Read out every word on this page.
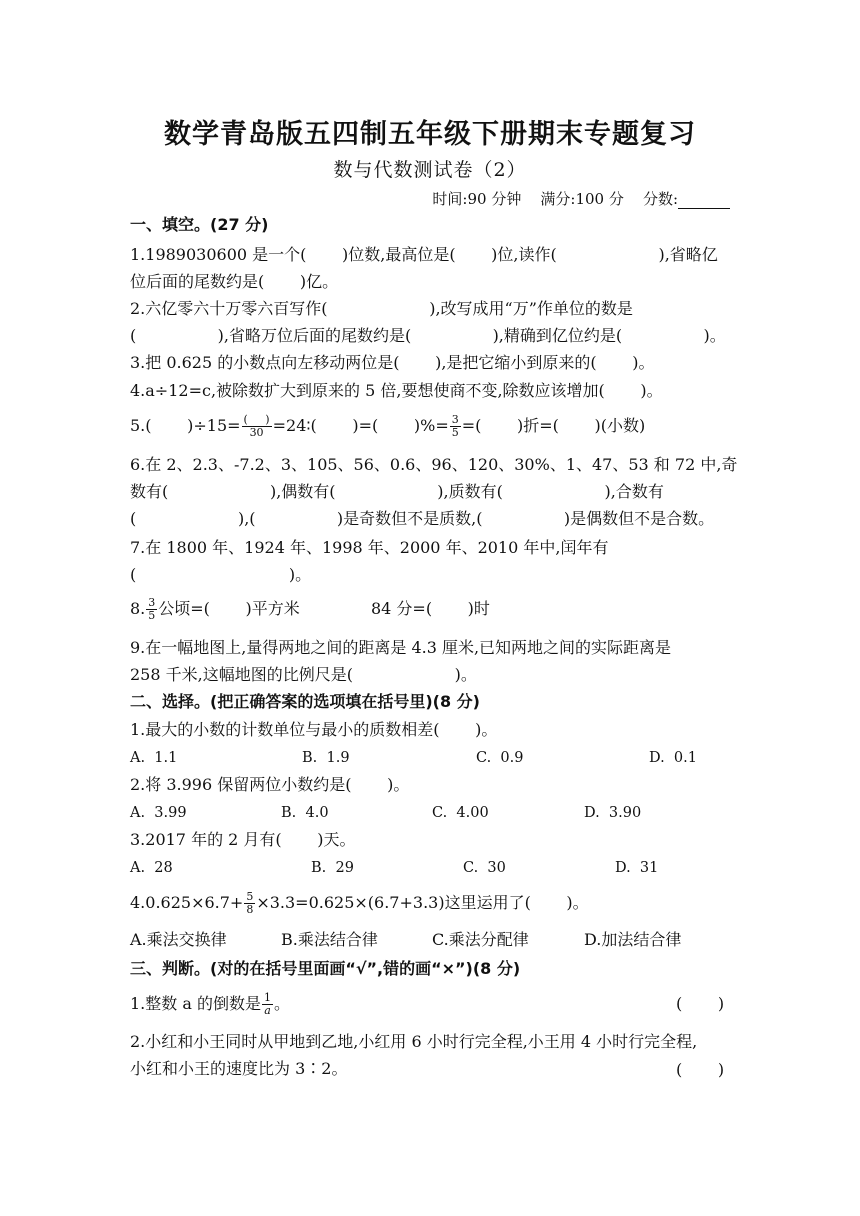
数学青岛版五四制五年级下册期末专题复习
数与代数测试卷（2）
时间:90 分钟 满分:100 分 分数:
一、填空。(27 分)
1.1989030600 是一个(       )位数,最高位是(       )位,读作(                    ),省略亿
位后面的尾数约是(       )亿。
2.六亿零六十万零六百写作(                    ),改写成用“万”作单位的数是
(                ),省略万位后面的尾数约是(                ),精确到亿位约是(                )。
3.把 0.625 的小数点向左移动两位是(       ),是把它缩小到原来的(       )。
4.a÷12=c,被除数扩大到原来的 5 倍,要想使商不变,除数应该增加(       )。
5.(       )$\div 15= \frac{( )}{30}$ =24∶(       )=(       )%= $\frac{3}{5}$ =(       )折=(       )(小数)
6.在 2、2.3、-7.2、3、105、56、0.6、96、120、30%、1、47、53 和 72 中,奇
数有(                    ),偶数有(                    ),质数有(                    ),合数有
(                    ),(                )是奇数但不是质数,(                )是偶数但不是合数。
7.在 1800 年、1924 年、1998 年、2000 年、2010 年中,闰年有
(                              )。
8. $\frac{3}{5}$ 公顷=(       )平方米              84 分=(       )时
9.在一幅地图上,量得两地之间的距离是 4.3 厘米,已知两地之间的实际距离是
258 千米,这幅地图的比例尺是(                    )。
二、选择。(把正确答案的选项填在括号里)(8 分)
1.最大的小数的计数单位与最小的质数相差(       )。
A.  1.1	B.  1.9	C.  0.9	D.  0.1
2.将 3.996 保留两位小数约是(       )。
A.  3.99	B.  4.0	C.  4.00	D.  3.90
3.2017 年的 2 月有(       )天。
A.  28	B.  29	C.  30	D.  31
$4.0.625\times 6.7+ \frac{5}{8} \times 3.3=0.625\times(6.7+3.3)$这里运用了(       )。
A.乘法交换律	B.乘法结合律	C.乘法分配律	D.加法结合律
三、判断。(对的在括号里面画“√”,错的画“×”)(8 分)
1.整数 a 的倒数是 $\frac{1}{a}$ 。	(       )
2.小红和小王同时从甲地到乙地,小红用 6 小时行完全程,小王用 4 小时行完全程,
小红和小王的速度比为 3∶2。	(       )
